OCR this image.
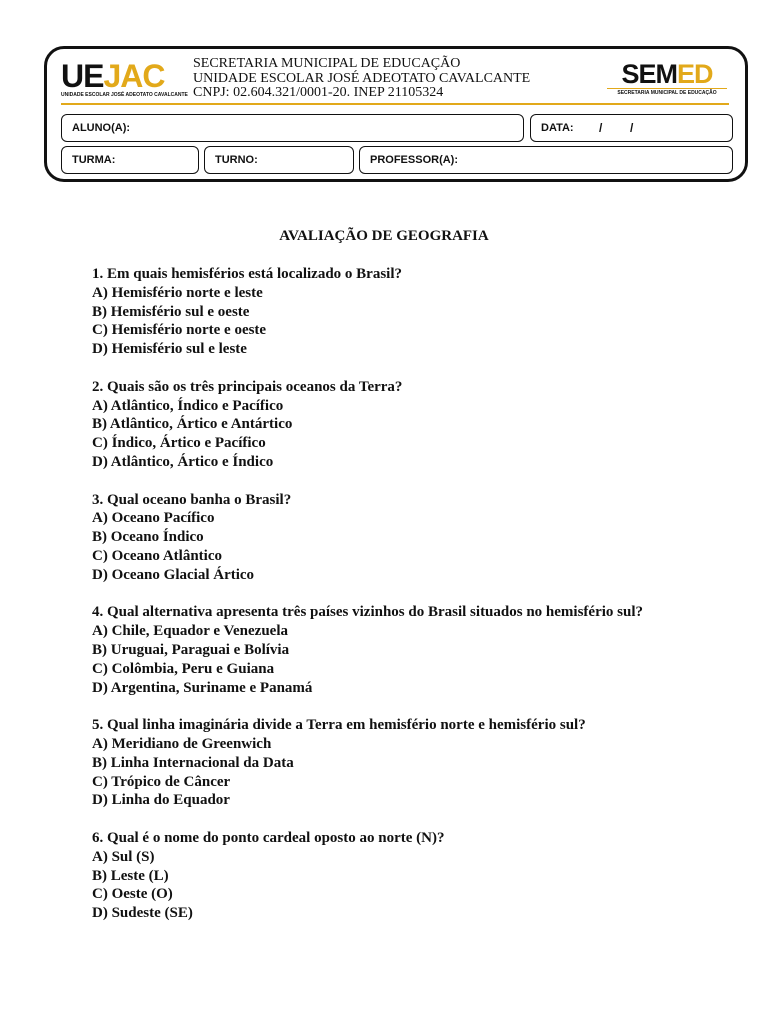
UEJAC
UNIDADE ESCOLAR JOSÉ ADEOTATO CAVALCANTE
SECRETARIA MUNICIPAL DE EDUCAÇÃO
UNIDADE ESCOLAR JOSÉ ADEOTATO CAVALCANTE
CNPJ: 02.604.321/0001-20. INEP 21105324
SEMED
SECRETARIA MUNICIPAL DE EDUCAÇÃO
ALUNO(A):	DATA: / /
TURMA:	TURNO:	PROFESSOR(A):
AVALIAÇÃO DE GEOGRAFIA
1. Em quais hemisférios está localizado o Brasil?
A) Hemisfério norte e leste
B) Hemisfério sul e oeste
C) Hemisfério norte e oeste
D) Hemisfério sul e leste
2. Quais são os três principais oceanos da Terra?
A) Atlântico, Índico e Pacífico
B) Atlântico, Ártico e Antártico
C) Índico, Ártico e Pacífico
D) Atlântico, Ártico e Índico
3. Qual oceano banha o Brasil?
A) Oceano Pacífico
B) Oceano Índico
C) Oceano Atlântico
D) Oceano Glacial Ártico
4. Qual alternativa apresenta três países vizinhos do Brasil situados no hemisfério sul?
A) Chile, Equador e Venezuela
B) Uruguai, Paraguai e Bolívia
C) Colômbia, Peru e Guiana
D) Argentina, Suriname e Panamá
5. Qual linha imaginária divide a Terra em hemisfério norte e hemisfério sul?
A) Meridiano de Greenwich
B) Linha Internacional da Data
C) Trópico de Câncer
D) Linha do Equador
6. Qual é o nome do ponto cardeal oposto ao norte (N)?
A) Sul (S)
B) Leste (L)
C) Oeste (O)
D) Sudeste (SE)
